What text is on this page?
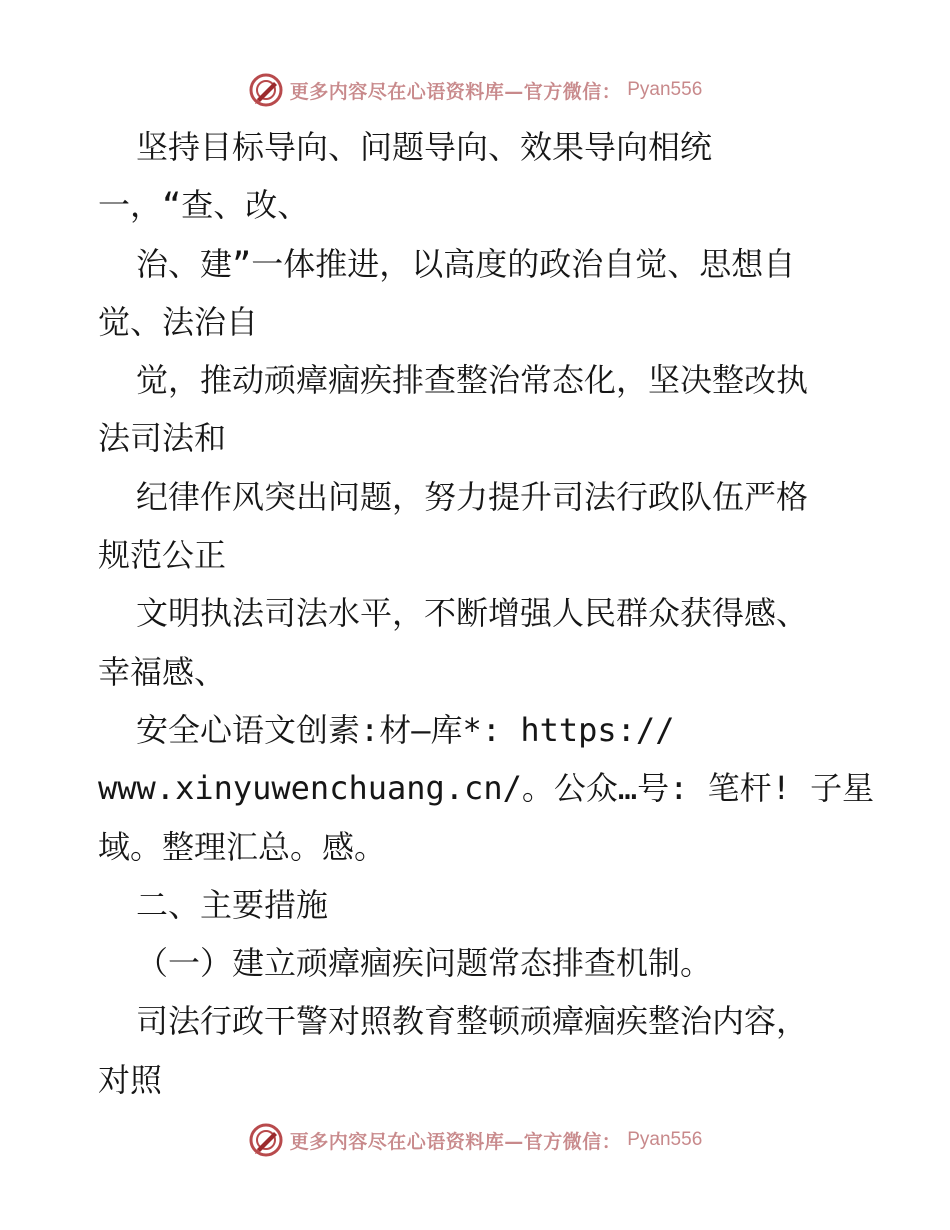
更多内容尽在心语资料库—官方微信： Pyan556
坚持目标导向、问题导向、效果导向相统
一，“查、改、
治、建”一体推进，以高度的政治自觉、思想自
觉、法治自
觉，推动顽瘴痼疾排查整治常态化，坚决整改执
法司法和
纪律作风突出问题，努力提升司法行政队伍严格
规范公正
文明执法司法水平，不断增强人民群众获得感、
幸福感、
安全心语文创素:材—库*: https://
www.xinyuwenchuang.cn/。公众…号: 笔杆! 子星
域。整理汇总。感。
二、主要措施
（一）建立顽瘴痼疾问题常态排查机制。
司法行政干警对照教育整顿顽瘴痼疾整治内容，
对照
更多内容尽在心语资料库—官方微信： Pyan556
